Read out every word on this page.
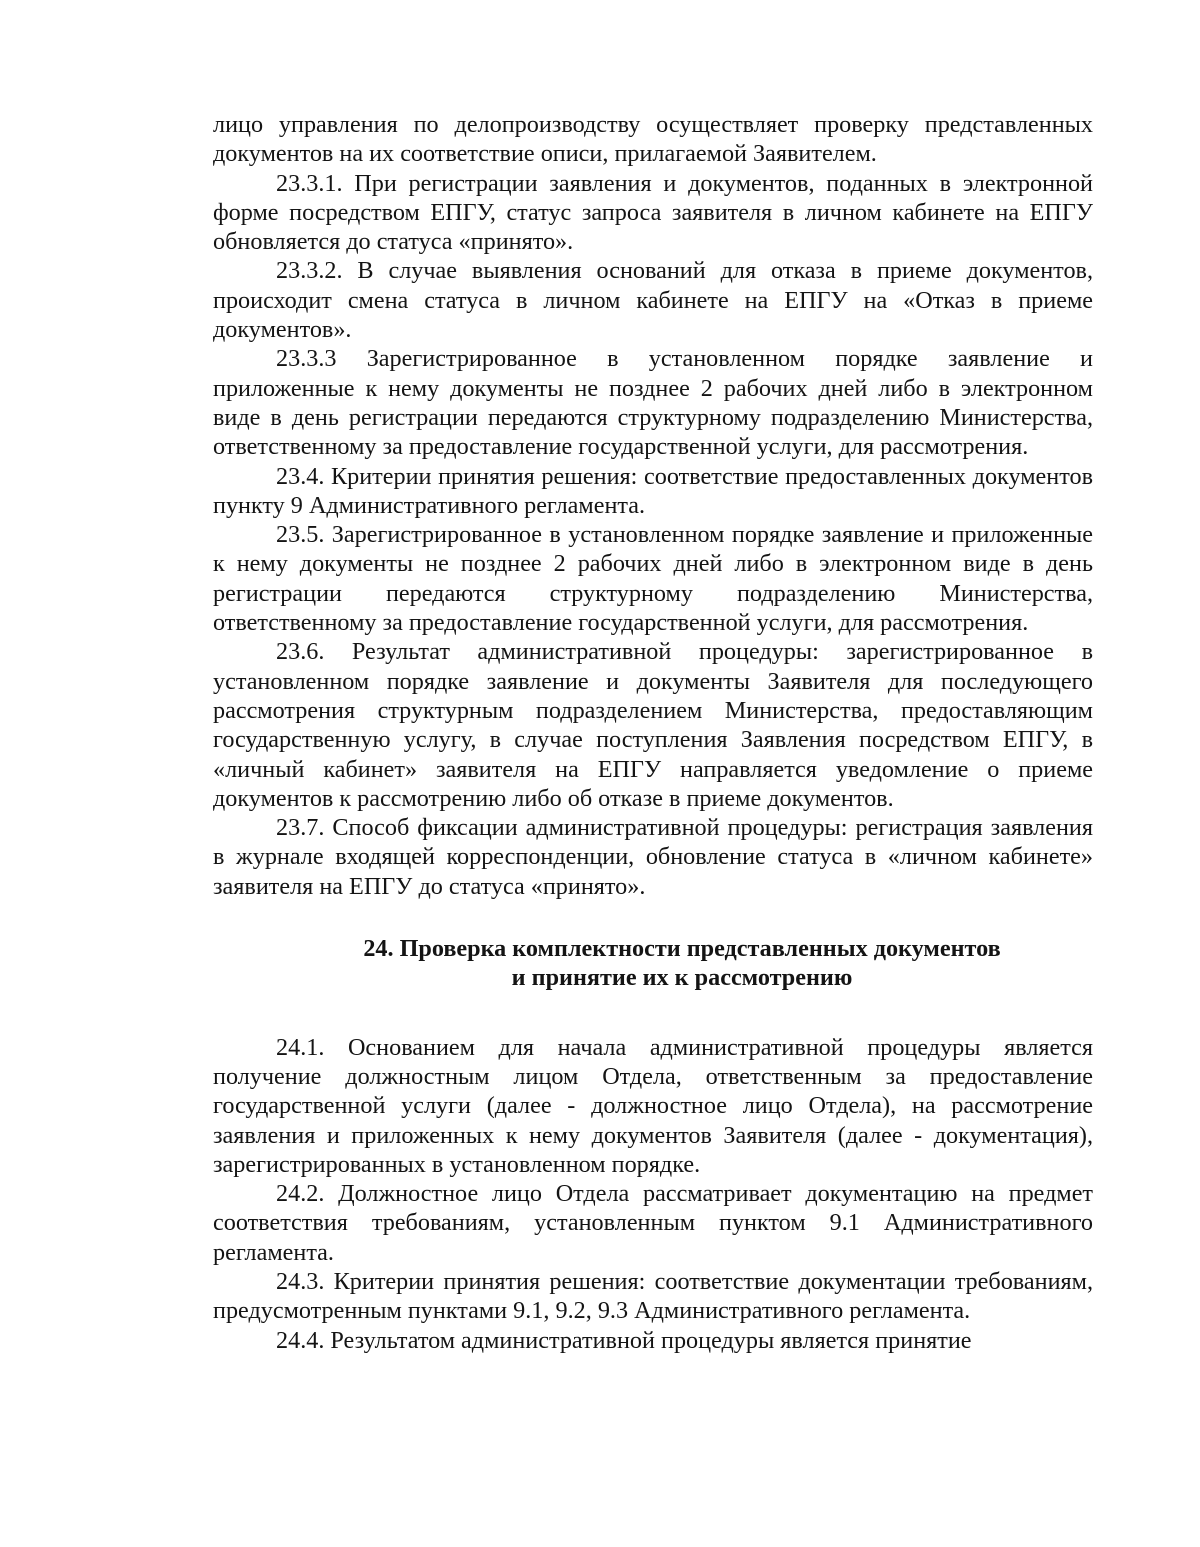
лицо управления по делопроизводству осуществляет проверку представленных документов на их соответствие описи, прилагаемой Заявителем.

23.3.1. При регистрации заявления и документов, поданных в электронной форме посредством ЕПГУ, статус запроса заявителя в личном кабинете на ЕПГУ обновляется до статуса «принято».

23.3.2. В случае выявления оснований для отказа в приеме документов, происходит смена статуса в личном кабинете на ЕПГУ на «Отказ в приеме документов».

23.3.3 Зарегистрированное в установленном порядке заявление и приложенные к нему документы не позднее 2 рабочих дней либо в электронном виде в день регистрации передаются структурному подразделению Министерства, ответственному за предоставление государственной услуги, для рассмотрения.

23.4. Критерии принятия решения: соответствие предоставленных документов пункту 9 Административного регламента.

23.5. Зарегистрированное в установленном порядке заявление и приложенные к нему документы не позднее 2 рабочих дней либо в электронном виде в день регистрации передаются структурному подразделению Министерства, ответственному за предоставление государственной услуги, для рассмотрения.

23.6. Результат административной процедуры: зарегистрированное в установленном порядке заявление и документы Заявителя для последующего рассмотрения структурным подразделением Министерства, предоставляющим государственную услугу, в случае поступления Заявления посредством ЕПГУ, в «личный кабинет» заявителя на ЕПГУ направляется уведомление о приеме документов к рассмотрению либо об отказе в приеме документов.

23.7. Способ фиксации административной процедуры: регистрация заявления в журнале входящей корреспонденции, обновление статуса в «личном кабинете» заявителя на ЕПГУ до статуса «принято».

24. Проверка комплектности представленных документов
и принятие их к рассмотрению

24.1. Основанием для начала административной процедуры является получение должностным лицом Отдела, ответственным за предоставление государственной услуги (далее - должностное лицо Отдела), на рассмотрение заявления и приложенных к нему документов Заявителя (далее - документация), зарегистрированных в установленном порядке.

24.2. Должностное лицо Отдела рассматривает документацию на предмет соответствия требованиям, установленным пунктом 9.1 Административного регламента.

24.3. Критерии принятия решения: соответствие документации требованиям, предусмотренным пунктами 9.1, 9.2, 9.3 Административного регламента.

24.4. Результатом административной процедуры является принятие
